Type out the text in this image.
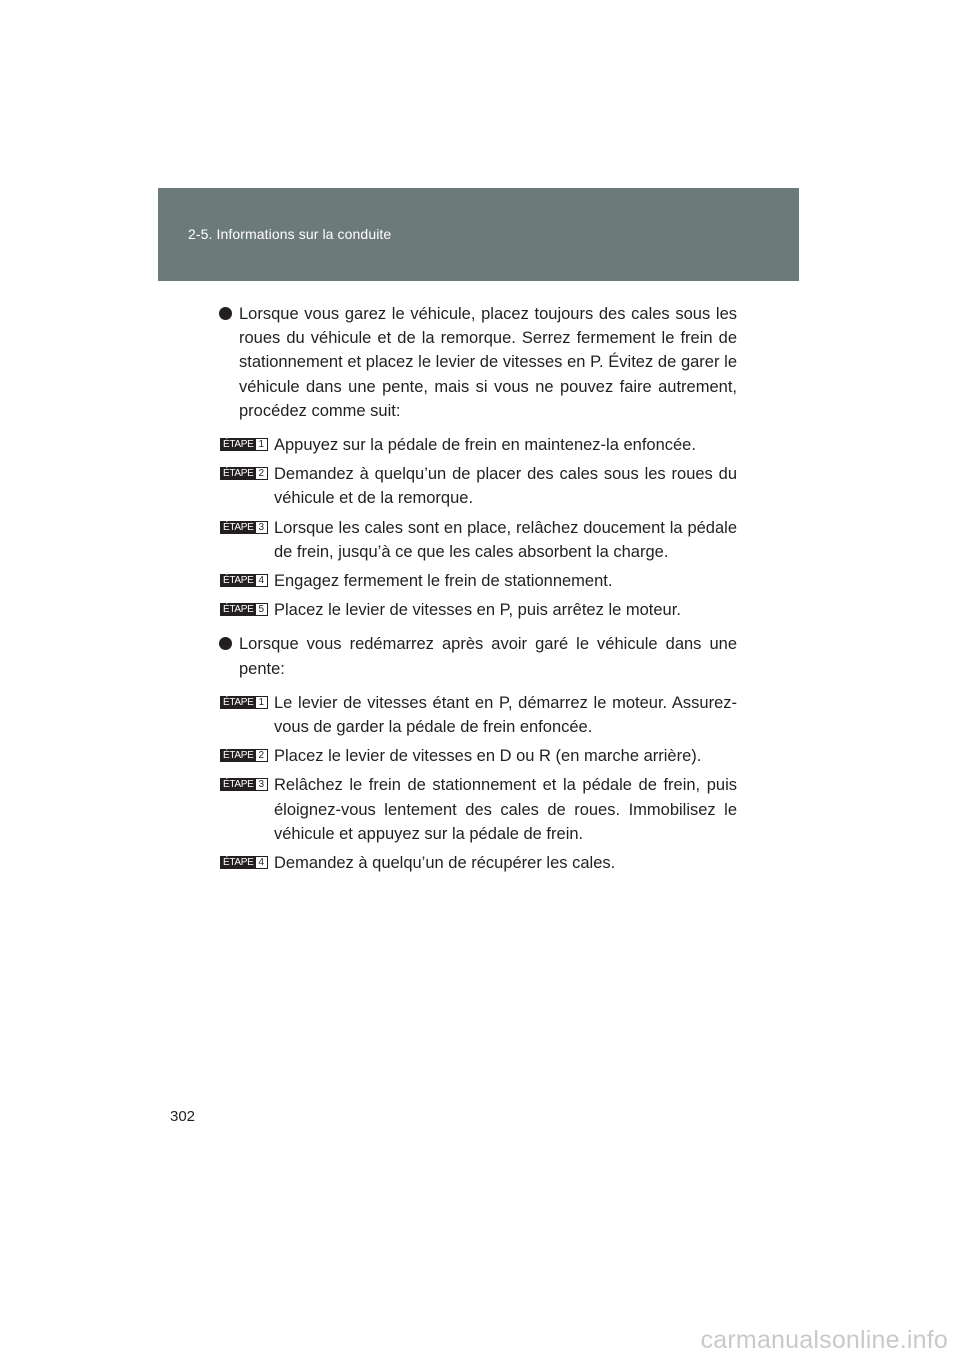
2-5. Informations sur la conduite
Lorsque vous garez le véhicule, placez toujours des cales sous les roues du véhicule et de la remorque. Serrez fermement le frein de stationnement et placez le levier de vitesses en P. Évitez de garer le véhicule dans une pente, mais si vous ne pouvez faire autrement, procédez comme suit:
ÉTAPE 1 Appuyez sur la pédale de frein en maintenez-la enfoncée.
ÉTAPE 2 Demandez à quelqu’un de placer des cales sous les roues du véhicule et de la remorque.
ÉTAPE 3 Lorsque les cales sont en place, relâchez doucement la pédale de frein, jusqu’à ce que les cales absorbent la charge.
ÉTAPE 4 Engagez fermement le frein de stationnement.
ÉTAPE 5 Placez le levier de vitesses en P, puis arrêtez le moteur.
Lorsque vous redémarrez après avoir garé le véhicule dans une pente:
ÉTAPE 1 Le levier de vitesses étant en P, démarrez le moteur. Assurez-vous de garder la pédale de frein enfoncée.
ÉTAPE 2 Placez le levier de vitesses en D ou R (en marche arrière).
ÉTAPE 3 Relâchez le frein de stationnement et la pédale de frein, puis éloignez-vous lentement des cales de roues. Immobilisez le véhicule et appuyez sur la pédale de frein.
ÉTAPE 4 Demandez à quelqu’un de récupérer les cales.
302
carmanualsonline.info
